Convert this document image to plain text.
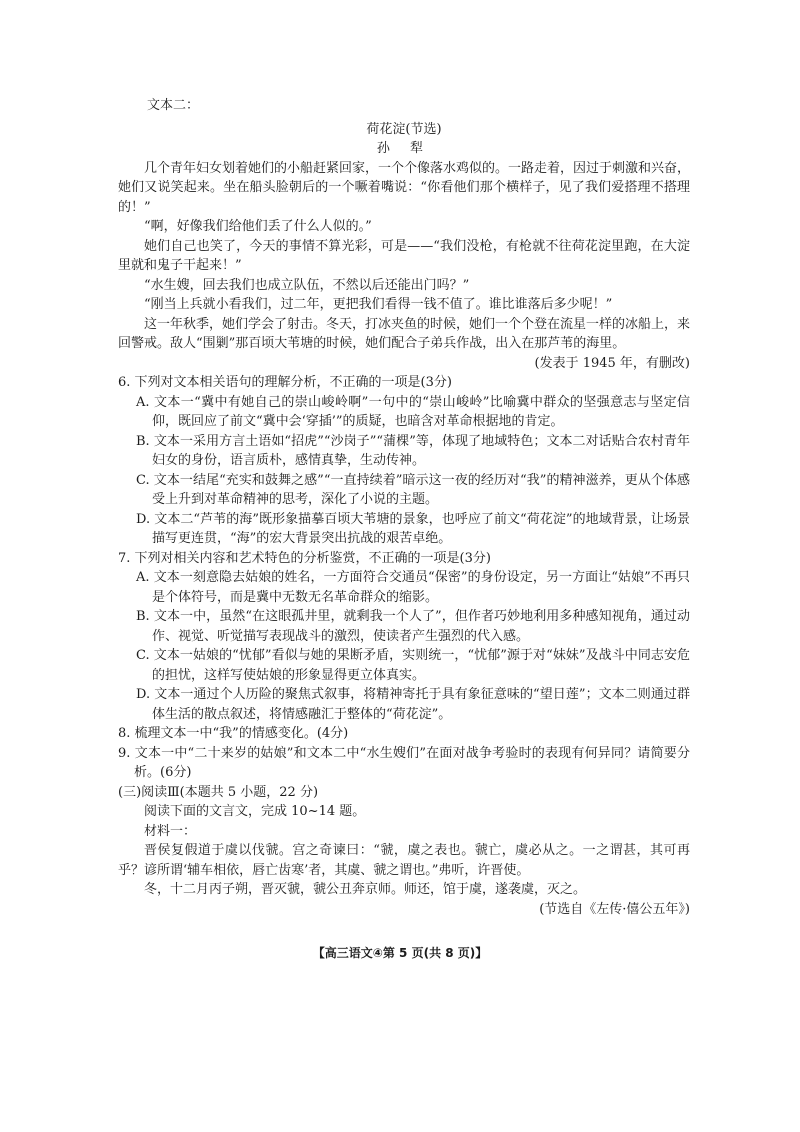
文本二：

荷花淀(节选)

孙 犁

几个青年妇女划着她们的小船赶紧回家，一个个像落水鸡似的。一路走着，因过于刺激和兴奋，她们又说笑起来。坐在船头脸朝后的一个噘着嘴说：“你看他们那个横样子，见了我们爱搭理不搭理的！”

“啊，好像我们给他们丢了什么人似的。”

她们自己也笑了，今天的事情不算光彩，可是——“我们没枪，有枪就不往荷花淀里跑，在大淀里就和鬼子干起来！”

“水生嫂，回去我们也成立队伍，不然以后还能出门吗？”

“刚当上兵就小看我们，过二年，更把我们看得一钱不值了。谁比谁落后多少呢！”

这一年秋季，她们学会了射击。冬天，打冰夹鱼的时候，她们一个个登在流星一样的冰船上，来回警戒。敌人“围剿”那百顷大苇塘的时候，她们配合子弟兵作战，出入在那芦苇的海里。

(发表于 1945 年，有删改)

6. 下列对文本相关语句的理解分析，不正确的一项是(3分)

A. 文本一“冀中有她自己的崇山峻岭啊”一句中的“崇山峻岭”比喻冀中群众的坚强意志与坚定信仰，既回应了前文“冀中会‘穿插’”的质疑，也暗含对革命根据地的肯定。

B. 文本一采用方言土语如“招虎”“沙岗子”“蒲棵”等，体现了地域特色；文本二对话贴合农村青年妇女的身份，语言质朴，感情真挚，生动传神。

C. 文本一结尾“充实和鼓舞之感”“一直持续着”暗示这一夜的经历对“我”的精神滋养，更从个体感受上升到对革命精神的思考，深化了小说的主题。

D. 文本二“芦苇的海”既形象描摹百顷大苇塘的景象，也呼应了前文“荷花淀”的地域背景，让场景描写更连贯，“海”的宏大背景突出抗战的艰苦卓绝。

7. 下列对相关内容和艺术特色的分析鉴赏，不正确的一项是(3分)

A. 文本一刻意隐去姑娘的姓名，一方面符合交通员“保密”的身份设定，另一方面让“姑娘”不再只是个体符号，而是冀中无数无名革命群众的缩影。

B. 文本一中，虽然“在这眼孤井里，就剩我一个人了”，但作者巧妙地利用多种感知视角，通过动作、视觉、听觉描写表现战斗的激烈，使读者产生强烈的代入感。

C. 文本一姑娘的“忧郁”看似与她的果断矛盾，实则统一，“忧郁”源于对“妹妹”及战斗中同志安危的担忧，这样写使姑娘的形象显得更立体真实。

D. 文本一通过个人历险的聚焦式叙事，将精神寄托于具有象征意味的“望日莲”；文本二则通过群体生活的散点叙述，将情感融汇于整体的“荷花淀”。

8. 梳理文本一中“我”的情感变化。(4分)

9. 文本一中“二十来岁的姑娘”和文本二中“水生嫂们”在面对战争考验时的表现有何异同？请简要分析。(6分)

(三)阅读Ⅲ(本题共 5 小题，22 分)

阅读下面的文言文，完成 10~14 题。

材料一：

晋侯复假道于虞以伐虢。宫之奇谏曰：“虢，虞之表也。虢亡，虞必从之。一之谓甚，其可再乎？谚所谓‘辅车相依，唇亡齿寒’者，其虞、虢之谓也。”弗听，许晋使。

冬，十二月丙子朔，晋灭虢，虢公丑奔京师。师还，馆于虞，遂袭虞，灭之。

(节选自《左传·僖公五年》)

【高三语文④第 5 页(共 8 页)】
